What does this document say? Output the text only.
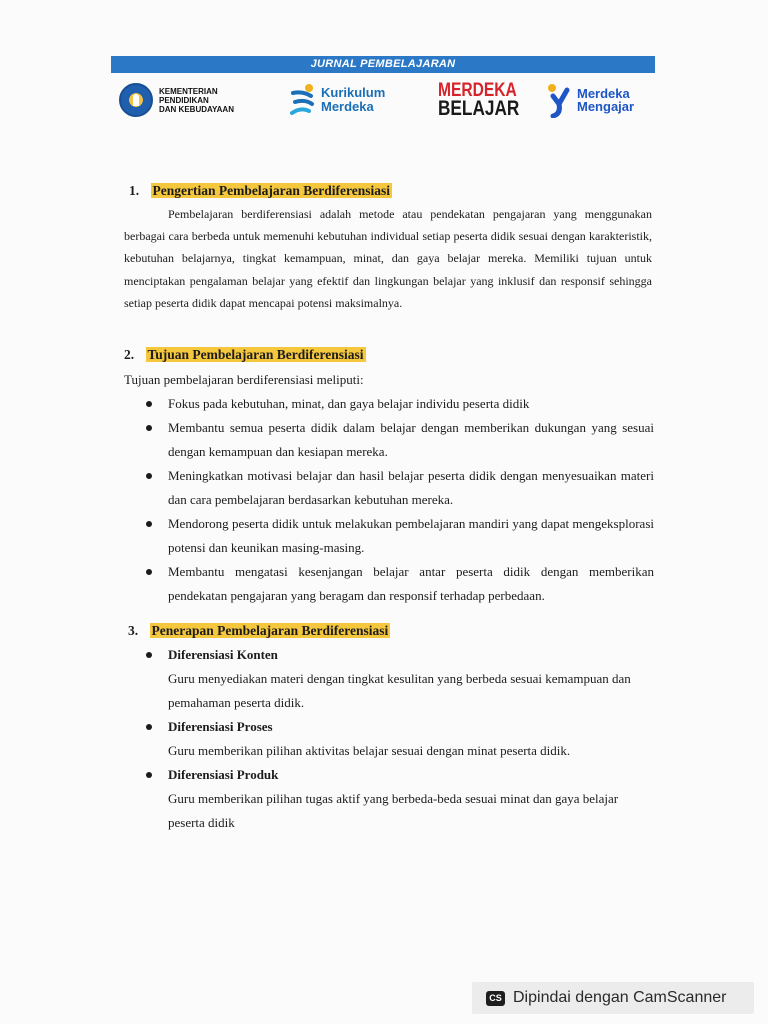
JURNAL PEMBELAJARAN
KEMENTERIAN
PENDIDIKAN
DAN KEBUDAYAAN
Kurikulum
Merdeka
MERDEKA
BELAJAR
Merdeka
Mengajar
1. Pengertian Pembelajaran Berdiferensiasi
Pembelajaran berdiferensiasi adalah metode atau pendekatan pengajaran yang menggunakan berbagai cara berbeda untuk memenuhi kebutuhan individual setiap peserta didik sesuai dengan karakteristik, kebutuhan belajarnya, tingkat kemampuan, minat, dan gaya belajar mereka. Memiliki tujuan untuk menciptakan pengalaman belajar yang efektif dan lingkungan belajar yang inklusif dan responsif sehingga setiap peserta didik dapat mencapai potensi maksimalnya.
2. Tujuan Pembelajaran Berdiferensiasi
Tujuan pembelajaran berdiferensiasi meliputi:
Fokus pada kebutuhan, minat, dan gaya belajar individu peserta didik
Membantu semua peserta didik dalam belajar dengan memberikan dukungan yang sesuai dengan kemampuan dan kesiapan mereka.
Meningkatkan motivasi belajar dan hasil belajar peserta didik dengan menyesuaikan materi dan cara pembelajaran berdasarkan kebutuhan mereka.
Mendorong peserta didik untuk melakukan pembelajaran mandiri yang dapat mengeksplorasi potensi dan keunikan masing-masing.
Membantu mengatasi kesenjangan belajar antar peserta didik dengan memberikan pendekatan pengajaran yang beragam dan responsif terhadap perbedaan.
3. Penerapan Pembelajaran Berdiferensiasi
Diferensiasi Konten
Guru menyediakan materi dengan tingkat kesulitan yang berbeda sesuai kemampuan dan pemahaman peserta didik.
Diferensiasi Proses
Guru memberikan pilihan aktivitas belajar sesuai dengan minat peserta didik.
Diferensiasi Produk
Guru memberikan pilihan tugas aktif yang berbeda-beda sesuai minat dan gaya belajar peserta didik
CS Dipindai dengan CamScanner
